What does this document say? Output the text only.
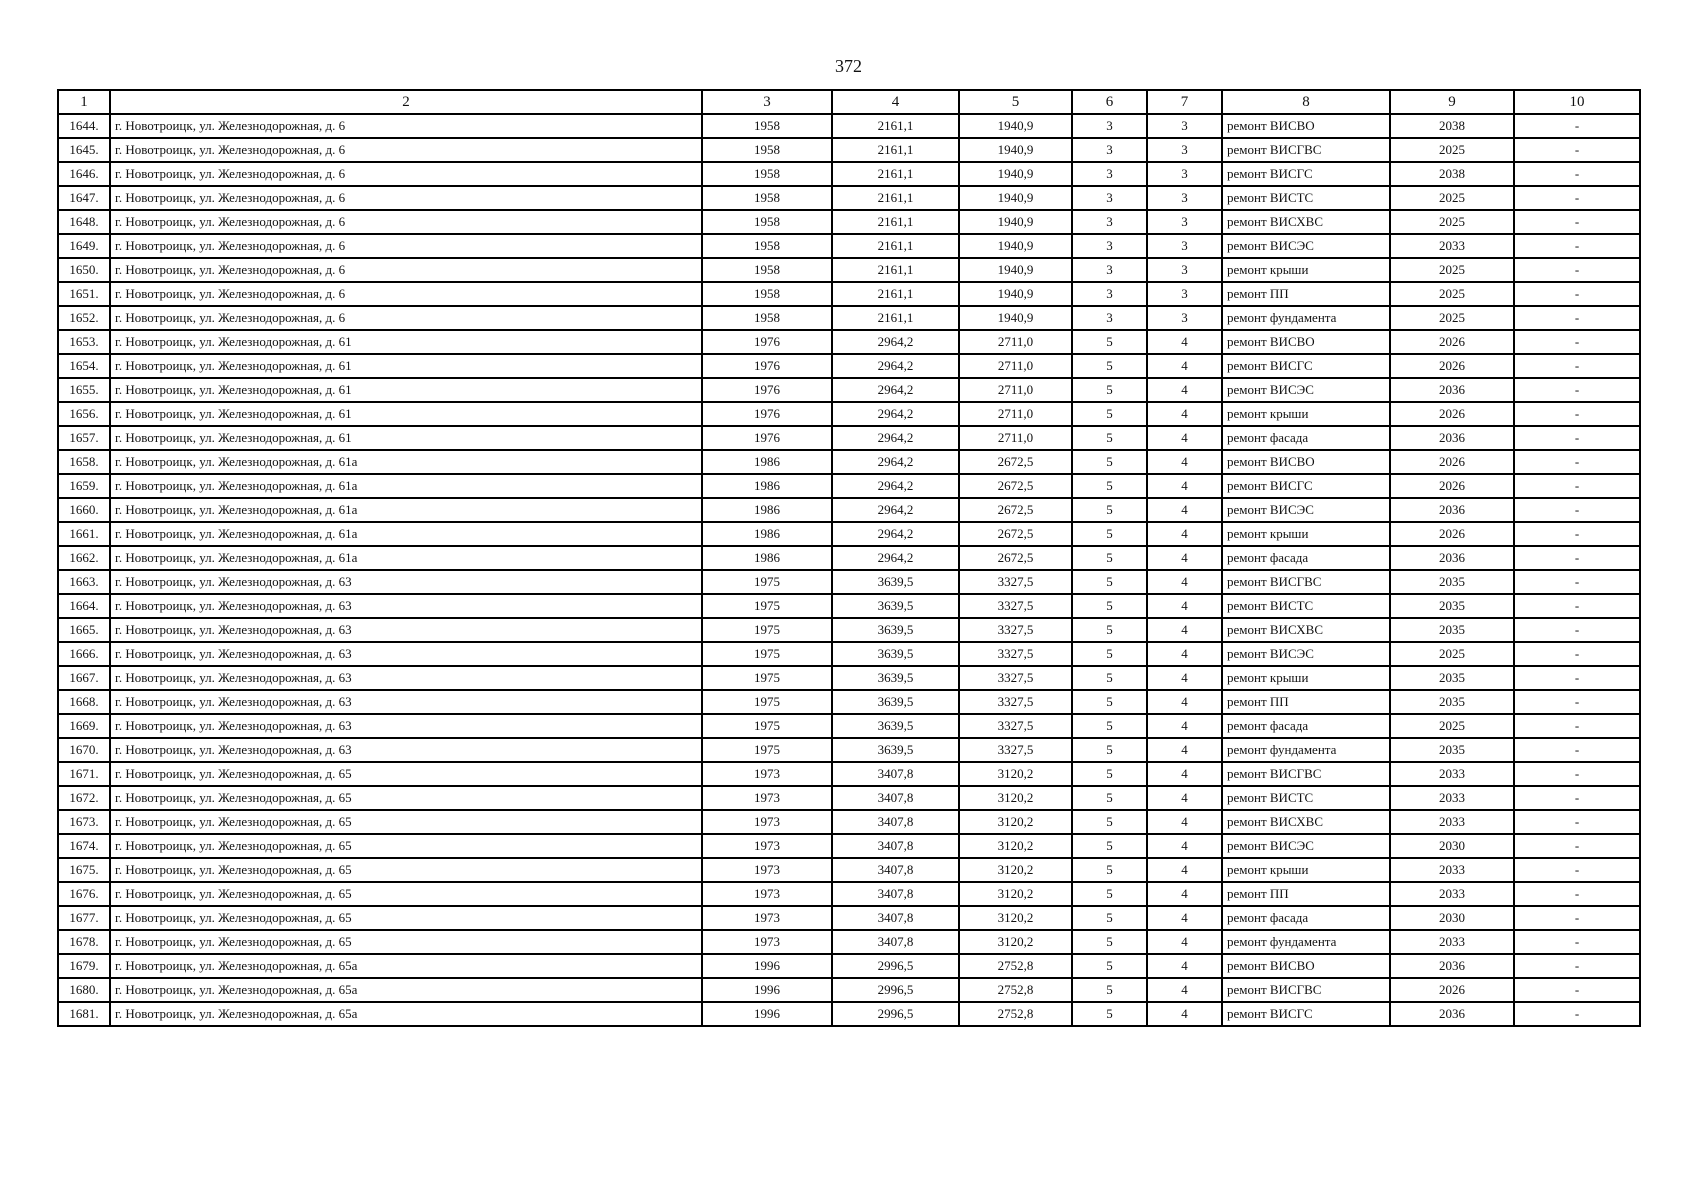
372
1	2	3	4	5	6	7	8	9	10
1644.	г. Новотроицк, ул. Железнодорожная, д. 6	1958	2161,1	1940,9	3	3	ремонт ВИСВО	2038	-
1645.	г. Новотроицк, ул. Железнодорожная, д. 6	1958	2161,1	1940,9	3	3	ремонт ВИСГВС	2025	-
1646.	г. Новотроицк, ул. Железнодорожная, д. 6	1958	2161,1	1940,9	3	3	ремонт ВИСГС	2038	-
1647.	г. Новотроицк, ул. Железнодорожная, д. 6	1958	2161,1	1940,9	3	3	ремонт ВИСТС	2025	-
1648.	г. Новотроицк, ул. Железнодорожная, д. 6	1958	2161,1	1940,9	3	3	ремонт ВИСХВС	2025	-
1649.	г. Новотроицк, ул. Железнодорожная, д. 6	1958	2161,1	1940,9	3	3	ремонт ВИСЭС	2033	-
1650.	г. Новотроицк, ул. Железнодорожная, д. 6	1958	2161,1	1940,9	3	3	ремонт крыши	2025	-
1651.	г. Новотроицк, ул. Железнодорожная, д. 6	1958	2161,1	1940,9	3	3	ремонт ПП	2025	-
1652.	г. Новотроицк, ул. Железнодорожная, д. 6	1958	2161,1	1940,9	3	3	ремонт фундамента	2025	-
1653.	г. Новотроицк, ул. Железнодорожная, д. 61	1976	2964,2	2711,0	5	4	ремонт ВИСВО	2026	-
1654.	г. Новотроицк, ул. Железнодорожная, д. 61	1976	2964,2	2711,0	5	4	ремонт ВИСГС	2026	-
1655.	г. Новотроицк, ул. Железнодорожная, д. 61	1976	2964,2	2711,0	5	4	ремонт ВИСЭС	2036	-
1656.	г. Новотроицк, ул. Железнодорожная, д. 61	1976	2964,2	2711,0	5	4	ремонт крыши	2026	-
1657.	г. Новотроицк, ул. Железнодорожная, д. 61	1976	2964,2	2711,0	5	4	ремонт фасада	2036	-
1658.	г. Новотроицк, ул. Железнодорожная, д. 61а	1986	2964,2	2672,5	5	4	ремонт ВИСВО	2026	-
1659.	г. Новотроицк, ул. Железнодорожная, д. 61а	1986	2964,2	2672,5	5	4	ремонт ВИСГС	2026	-
1660.	г. Новотроицк, ул. Железнодорожная, д. 61а	1986	2964,2	2672,5	5	4	ремонт ВИСЭС	2036	-
1661.	г. Новотроицк, ул. Железнодорожная, д. 61а	1986	2964,2	2672,5	5	4	ремонт крыши	2026	-
1662.	г. Новотроицк, ул. Железнодорожная, д. 61а	1986	2964,2	2672,5	5	4	ремонт фасада	2036	-
1663.	г. Новотроицк, ул. Железнодорожная, д. 63	1975	3639,5	3327,5	5	4	ремонт ВИСГВС	2035	-
1664.	г. Новотроицк, ул. Железнодорожная, д. 63	1975	3639,5	3327,5	5	4	ремонт ВИСТС	2035	-
1665.	г. Новотроицк, ул. Железнодорожная, д. 63	1975	3639,5	3327,5	5	4	ремонт ВИСХВС	2035	-
1666.	г. Новотроицк, ул. Железнодорожная, д. 63	1975	3639,5	3327,5	5	4	ремонт ВИСЭС	2025	-
1667.	г. Новотроицк, ул. Железнодорожная, д. 63	1975	3639,5	3327,5	5	4	ремонт крыши	2035	-
1668.	г. Новотроицк, ул. Железнодорожная, д. 63	1975	3639,5	3327,5	5	4	ремонт ПП	2035	-
1669.	г. Новотроицк, ул. Железнодорожная, д. 63	1975	3639,5	3327,5	5	4	ремонт фасада	2025	-
1670.	г. Новотроицк, ул. Железнодорожная, д. 63	1975	3639,5	3327,5	5	4	ремонт фундамента	2035	-
1671.	г. Новотроицк, ул. Железнодорожная, д. 65	1973	3407,8	3120,2	5	4	ремонт ВИСГВС	2033	-
1672.	г. Новотроицк, ул. Железнодорожная, д. 65	1973	3407,8	3120,2	5	4	ремонт ВИСТС	2033	-
1673.	г. Новотроицк, ул. Железнодорожная, д. 65	1973	3407,8	3120,2	5	4	ремонт ВИСХВС	2033	-
1674.	г. Новотроицк, ул. Железнодорожная, д. 65	1973	3407,8	3120,2	5	4	ремонт ВИСЭС	2030	-
1675.	г. Новотроицк, ул. Железнодорожная, д. 65	1973	3407,8	3120,2	5	4	ремонт крыши	2033	-
1676.	г. Новотроицк, ул. Железнодорожная, д. 65	1973	3407,8	3120,2	5	4	ремонт ПП	2033	-
1677.	г. Новотроицк, ул. Железнодорожная, д. 65	1973	3407,8	3120,2	5	4	ремонт фасада	2030	-
1678.	г. Новотроицк, ул. Железнодорожная, д. 65	1973	3407,8	3120,2	5	4	ремонт фундамента	2033	-
1679.	г. Новотроицк, ул. Железнодорожная, д. 65а	1996	2996,5	2752,8	5	4	ремонт ВИСВО	2036	-
1680.	г. Новотроицк, ул. Железнодорожная, д. 65а	1996	2996,5	2752,8	5	4	ремонт ВИСГВС	2026	-
1681.	г. Новотроицк, ул. Железнодорожная, д. 65а	1996	2996,5	2752,8	5	4	ремонт ВИСГС	2036	-
